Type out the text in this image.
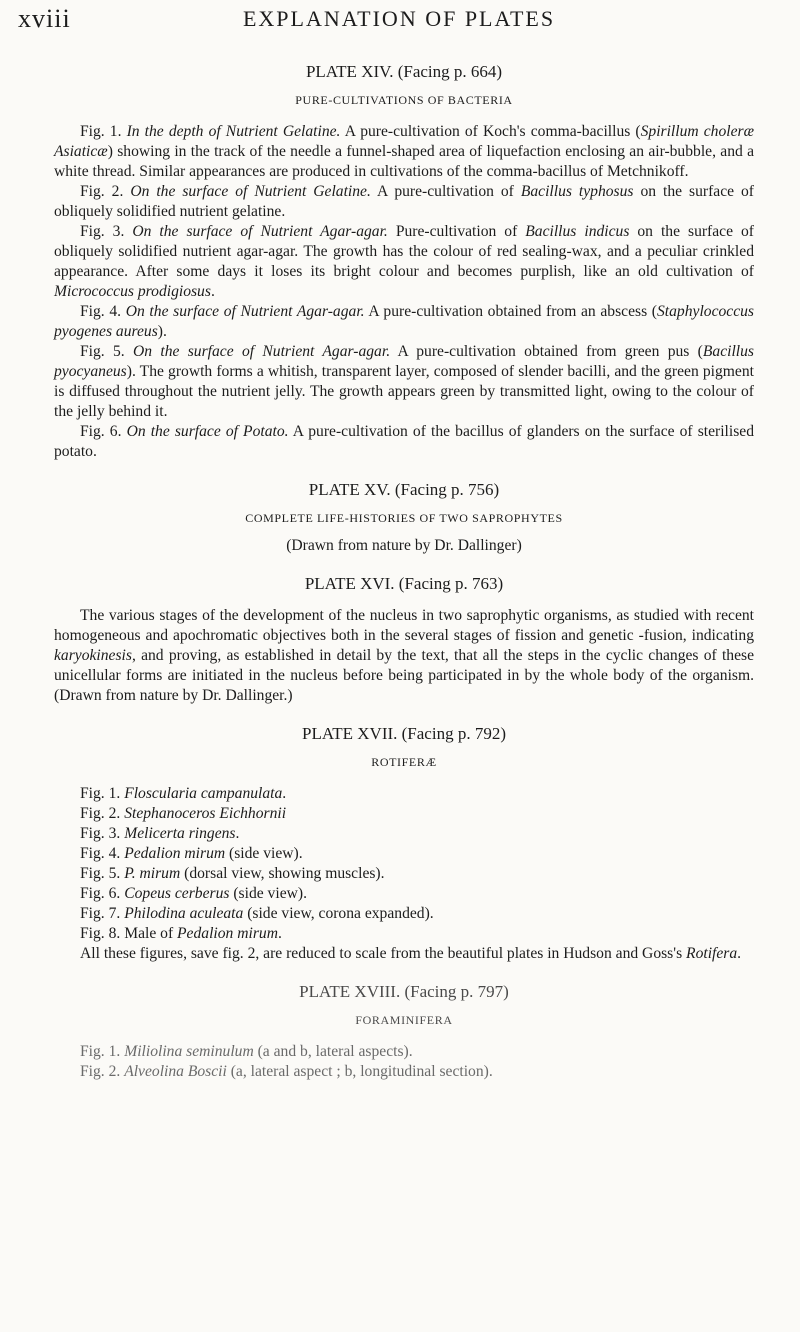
xviii	EXPLANATION OF PLATES
PLATE XIV. (Facing p. 664)
PURE-CULTIVATIONS OF BACTERIA

Fig. 1. In the depth of Nutrient Gelatine. A pure-cultivation of Koch's comma-bacillus (Spirillum choleræ Asiaticæ) showing in the track of the needle a funnel-shaped area of liquefaction enclosing an air-bubble, and a white thread. Similar appearances are produced in cultivations of the comma-bacillus of Metchnikoff.

Fig. 2. On the surface of Nutrient Gelatine. A pure-cultivation of Bacillus typhosus on the surface of obliquely solidified nutrient gelatine.

Fig. 3. On the surface of Nutrient Agar-agar. Pure-cultivation of Bacillus indicus on the surface of obliquely solidified nutrient agar-agar. The growth has the colour of red sealing-wax, and a peculiar crinkled appearance. After some days it loses its bright colour and becomes purplish, like an old cultivation of Micrococcus prodigiosus.

Fig. 4. On the surface of Nutrient Agar-agar. A pure-cultivation obtained from an abscess (Staphylococcus pyogenes aureus).

Fig. 5. On the surface of Nutrient Agar-agar. A pure-cultivation obtained from green pus (Bacillus pyocyaneus). The growth forms a whitish, transparent layer, composed of slender bacilli, and the green pigment is diffused throughout the nutrient jelly. The growth appears green by transmitted light, owing to the colour of the jelly behind it.

Fig. 6. On the surface of Potato. A pure-cultivation of the bacillus of glanders on the surface of sterilised potato.

PLATE XV. (Facing p. 756)
COMPLETE LIFE-HISTORIES OF TWO SAPROPHYTES
(Drawn from nature by Dr. Dallinger)
PLATE XVI. (Facing p. 763)

The various stages of the development of the nucleus in two saprophytic organisms, as studied with recent homogeneous and apochromatic objectives both in the several stages of fission and genetic -fusion, indicating karyokinesis, and proving, as established in detail by the text, that all the steps in the cyclic changes of these unicellular forms are initiated in the nucleus before being participated in by the whole body of the organism. (Drawn from nature by Dr. Dallinger.)

PLATE XVII. (Facing p. 792)
ROTIFERÆ
Fig. 1. Floscularia campanulata.
Fig. 2. Stephanoceros Eichhornii
Fig. 3. Melicerta ringens.
Fig. 4. Pedalion mirum (side view).
Fig. 5. P. mirum (dorsal view, showing muscles).
Fig. 6. Copeus cerberus (side view).
Fig. 7. Philodina aculeata (side view, corona expanded).
Fig. 8. Male of Pedalion mirum.

All these figures, save fig. 2, are reduced to scale from the beautiful plates in Hudson and Goss's Rotifera.

PLATE XVIII. (Facing p. 797)
FORAMINIFERA
Fig. 1. Miliolina seminulum (a and b, lateral aspects).
Fig. 2. Alveolina Boscii (a, lateral aspect ; b, longitudinal section).
